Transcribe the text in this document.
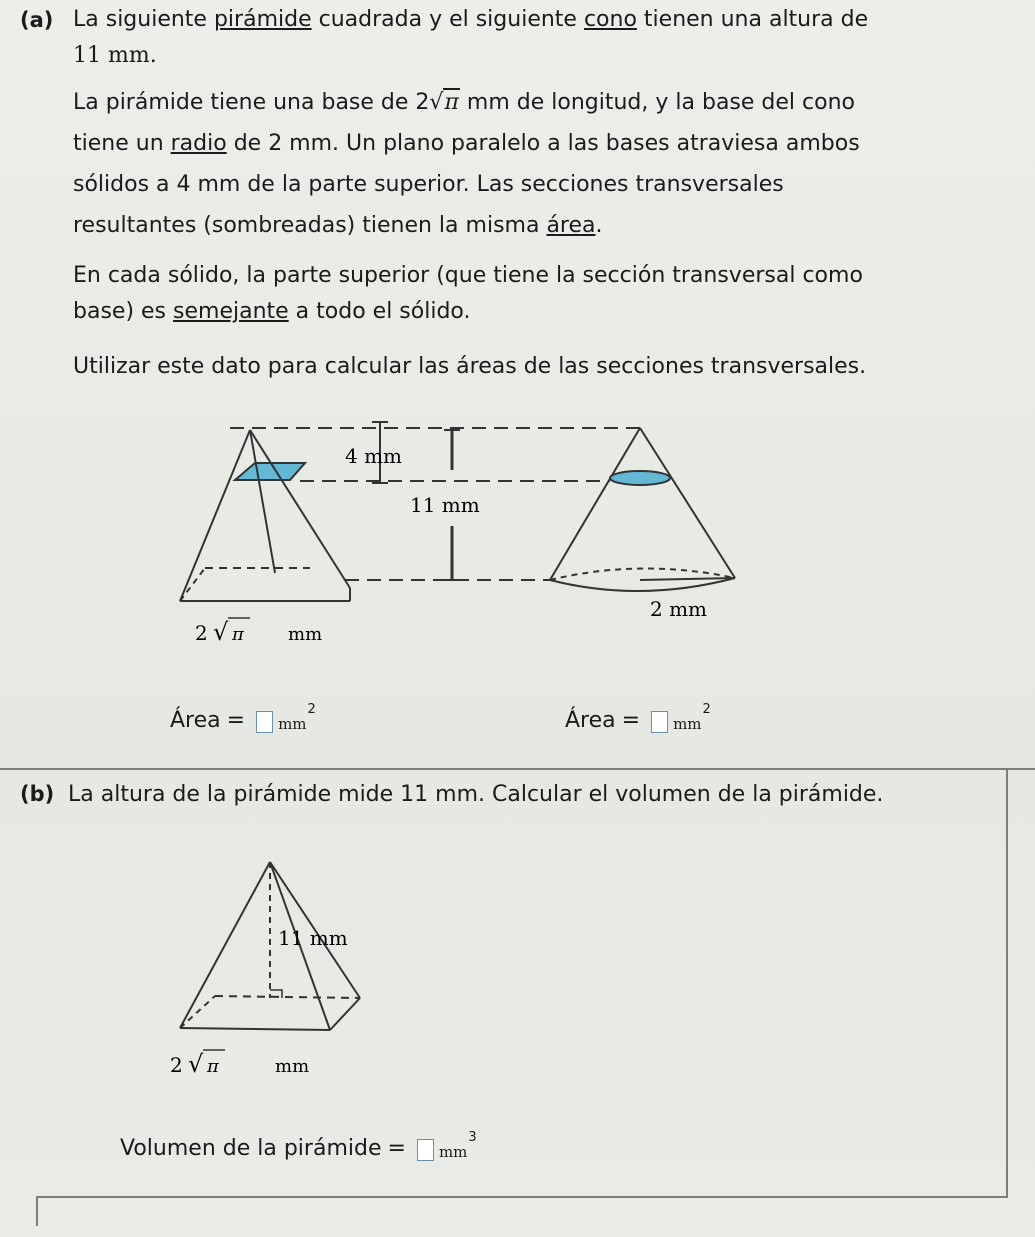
(a) La siguiente pirámide cuadrada y el siguiente cono tienen una altura de
11 mm.
La pirámide tiene una base de 2√π mm de longitud, y la base del cono
tiene un radio de 2 mm. Un plano paralelo a las bases atraviesa ambos
sólidos a 4 mm de la parte superior. Las secciones transversales
resultantes (sombreadas) tienen la misma área.
En cada sólido, la parte superior (que tiene la sección transversal como
base) es semejante a todo el sólido.
Utilizar este dato para calcular las áreas de las secciones transversales.
4 mm
11 mm
2 mm
2 √ π mm
Área = mm
2	Área = mm
2
(b) La altura de la pirámide mide 11 mm. Calcular el volumen de la pirámide.
11 mm
2 √ π	mm
Volumen de la pirámide = mm
3
